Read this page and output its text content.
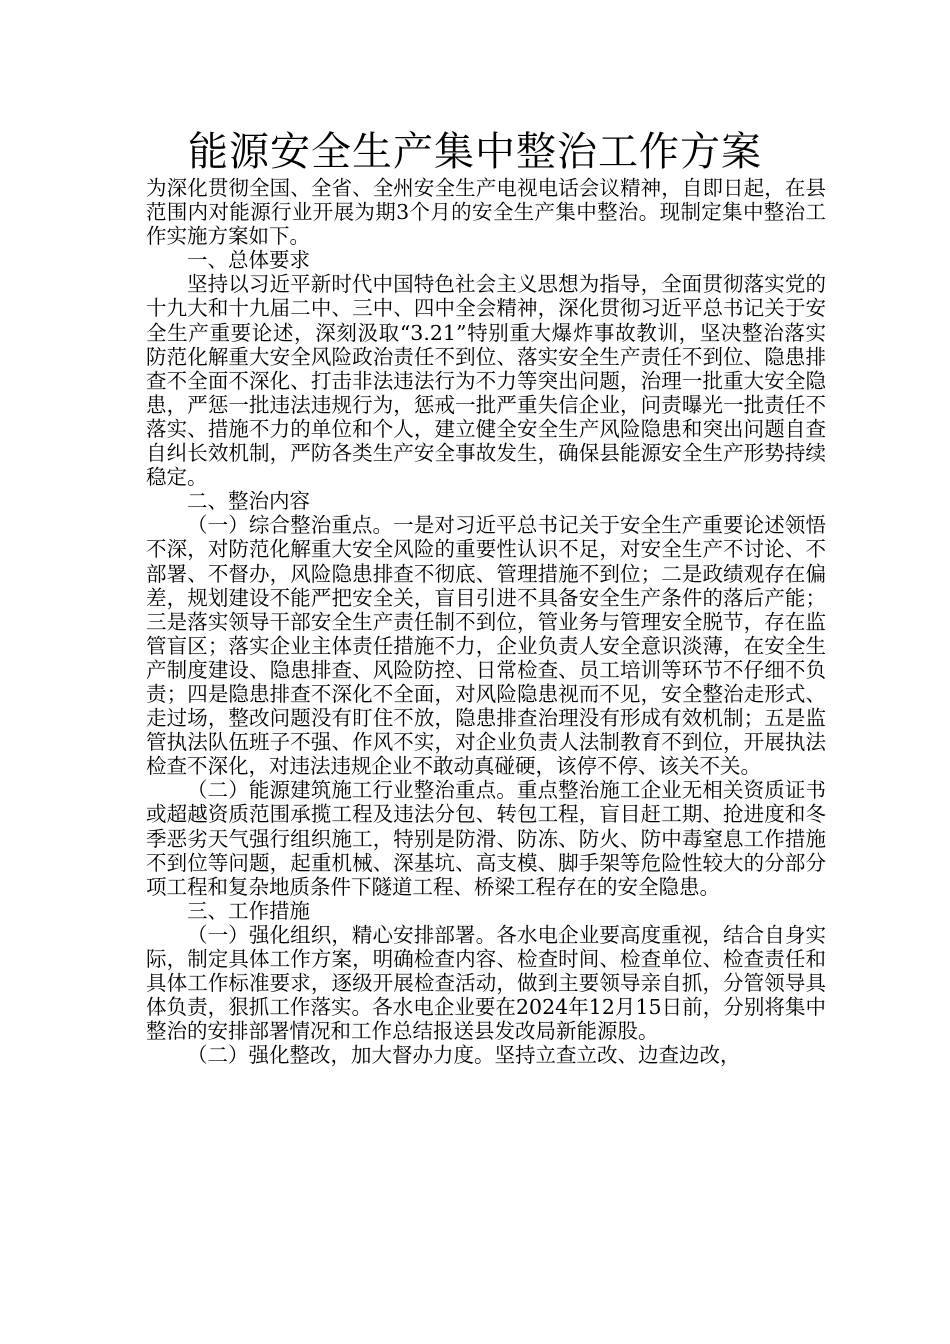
能源安全生产集中整治工作方案

为深化贯彻全国、全省、全州安全生产电视电话会议精神，自即日起，在县范围内对能源行业开展为期3个月的安全生产集中整治。现制定集中整治工作实施方案如下。

一、总体要求

坚持以习近平新时代中国特色社会主义思想为指导，全面贯彻落实党的十九大和十九届二中、三中、四中全会精神，深化贯彻习近平总书记关于安全生产重要论述，深刻汲取“3.21”特别重大爆炸事故教训，坚决整治落实防范化解重大安全风险政治责任不到位、落实安全生产责任不到位、隐患排查不全面不深化、打击非法违法行为不力等突出问题，治理一批重大安全隐患，严惩一批违法违规行为，惩戒一批严重失信企业，问责曝光一批责任不落实、措施不力的单位和个人，建立健全安全生产风险隐患和突出问题自查自纠长效机制，严防各类生产安全事故发生，确保县能源安全生产形势持续稳定。

二、整治内容

（一）综合整治重点。一是对习近平总书记关于安全生产重要论述领悟不深，对防范化解重大安全风险的重要性认识不足，对安全生产不讨论、不部署、不督办，风险隐患排查不彻底、管理措施不到位；二是政绩观存在偏差，规划建设不能严把安全关，盲目引进不具备安全生产条件的落后产能；三是落实领导干部安全生产责任制不到位，管业务与管理安全脱节，存在监管盲区；落实企业主体责任措施不力，企业负责人安全意识淡薄，在安全生产制度建设、隐患排查、风险防控、日常检查、员工培训等环节不仔细不负责；四是隐患排查不深化不全面，对风险隐患视而不见，安全整治走形式、走过场，整改问题没有盯住不放，隐患排查治理没有形成有效机制；五是监管执法队伍班子不强、作风不实，对企业负责人法制教育不到位，开展执法检查不深化，对违法违规企业不敢动真碰硬，该停不停、该关不关。

（二）能源建筑施工行业整治重点。重点整治施工企业无相关资质证书或超越资质范围承揽工程及违法分包、转包工程，盲目赶工期、抢进度和冬季恶劣天气强行组织施工，特别是防滑、防冻、防火、防中毒窒息工作措施不到位等问题，起重机械、深基坑、高支模、脚手架等危险性较大的分部分项工程和复杂地质条件下隧道工程、桥梁工程存在的安全隐患。

三、工作措施

（一）强化组织，精心安排部署。各水电企业要高度重视，结合自身实际，制定具体工作方案，明确检查内容、检查时间、检查单位、检查责任和具体工作标准要求，逐级开展检查活动，做到主要领导亲自抓，分管领导具体负责，狠抓工作落实。各水电企业要在2024年12月15日前，分别将集中整治的安排部署情况和工作总结报送县发改局新能源股。

（二）强化整改，加大督办力度。坚持立查立改、边查边改，
